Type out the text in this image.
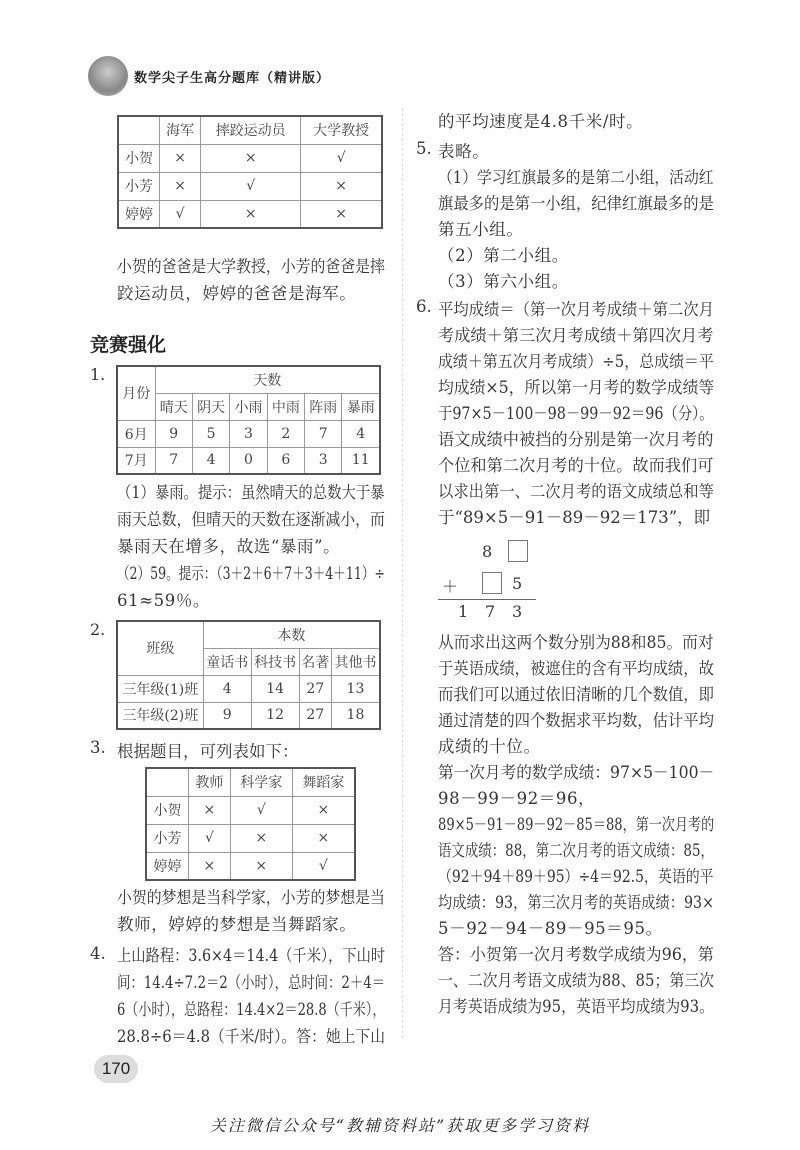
数学尖子生高分题库（精讲版）
	海军	摔跤运动员	大学教授
小贺	×	×	√
小芳	×	√	×
婷婷	√	×	×
小贺的爸爸是大学教授，小芳的爸爸是摔
跤运动员，婷婷的爸爸是海军。
竞赛强化
1.
月份	天数					
	晴天	阴天	小雨	中雨	阵雨	暴雨
6月	9	5	3	2	7	4
7月	7	4	0	6	3	11
（1）暴雨。提示：虽然晴天的总数大于暴
雨天总数，但晴天的天数在逐渐减小，而
暴雨天在增多，故选“暴雨”。
（2）59。提示：（3＋2＋6＋7＋3＋4＋11）÷
61≈59％。
2.
班级	本数			
	童话书	科技书	名著	其他书
三年级(1)班	4	14	27	13
三年级(2)班	9	12	27	18
3. 根据题目，可列表如下：
	教师	科学家	舞蹈家
小贺	×	√	×
小芳	√	×	×
婷婷	×	×	√
小贺的梦想是当科学家，小芳的梦想是当
教师，婷婷的梦想是当舞蹈家。
4. 上山路程：3.6×4＝14.4（千米），下山时
间：14.4÷7.2＝2（小时），总时间：2＋4＝
6（小时），总路程：14.4×2＝28.8（千米），
28.8÷6＝4.8（千米/时）。答：她上下山
5. 表略。
（1）学习红旗最多的是第二小组，活动红
旗最多的是第一小组，纪律红旗最多的是
第五小组。
（2）第二小组。
（3）第六小组。
6. 平均成绩＝（第一次月考成绩＋第二次月
考成绩＋第三次月考成绩＋第四次月考
成绩＋第五次月考成绩）÷5，总成绩＝平
均成绩×5，所以第一月考的数学成绩等
于97×5－100－98－99－92＝96（分）。
语文成绩中被挡的分别是第一次月考的
个位和第二次月考的十位。故而我们可
以求出第一、二次月考的语文成绩总和等
于“89×5－91－89－92＝173”，即
8
＋	5
1 7 3
从而求出这两个数分别为88和85。而对
于英语成绩，被遮住的含有平均成绩，故
而我们可以通过依旧清晰的几个数值，即
通过清楚的四个数据求平均数，估计平均
成绩的十位。
第一次月考的数学成绩：97×5－100－
98－99－92＝96，
89×5－91－89－92－85＝88，第一次月考的
语文成绩：88，第二次月考的语文成绩：85，
（92＋94＋89＋95）÷4＝92.5，英语的平
均成绩：93，第三次月考的英语成绩：93×
5－92－94－89－95＝95。
答：小贺第一次月考数学成绩为96，第
一、二次月考语文成绩为88、85；第三次
月考英语成绩为95，英语平均成绩为93。
170
关注微信公众号“教辅资料站”获取更多学习资料
的平均速度是4.8千米/时。
